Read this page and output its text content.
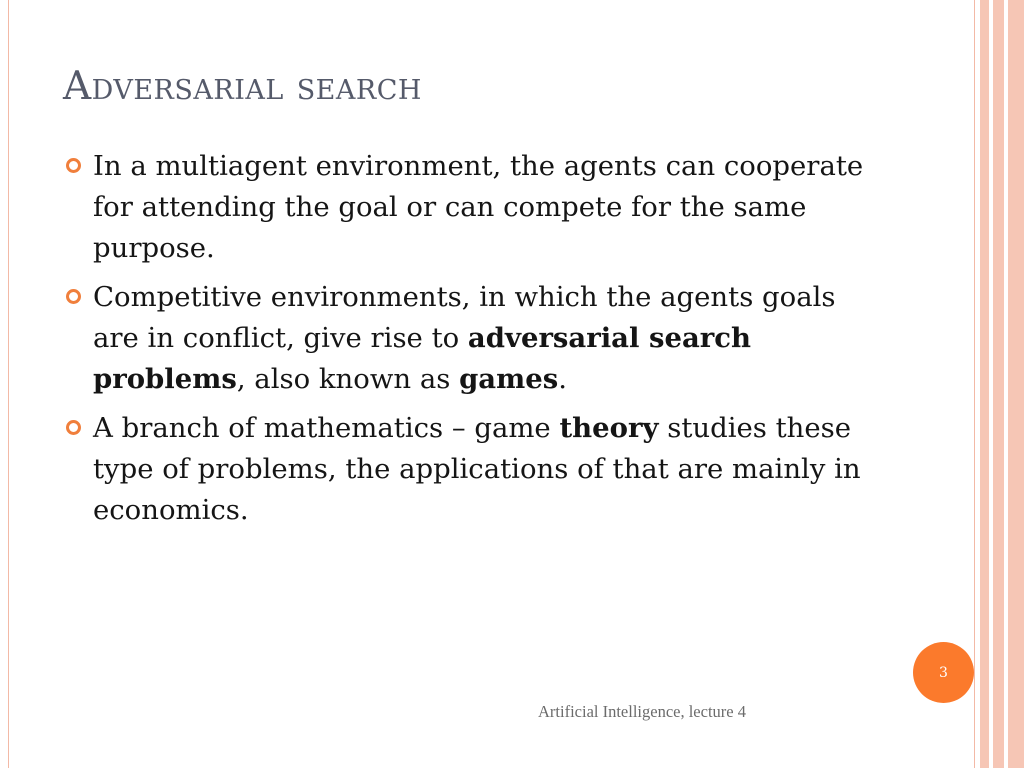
Adversarial search
In a multiagent environment, the agents can cooperate for attending the goal or can compete for the same purpose.
Competitive environments, in which the agents goals are in conflict, give rise to adversarial search problems, also known as games.
A branch of mathematics – game theory studies these type of problems, the applications of that are mainly in economics.
3
Artificial Intelligence, lecture 4
